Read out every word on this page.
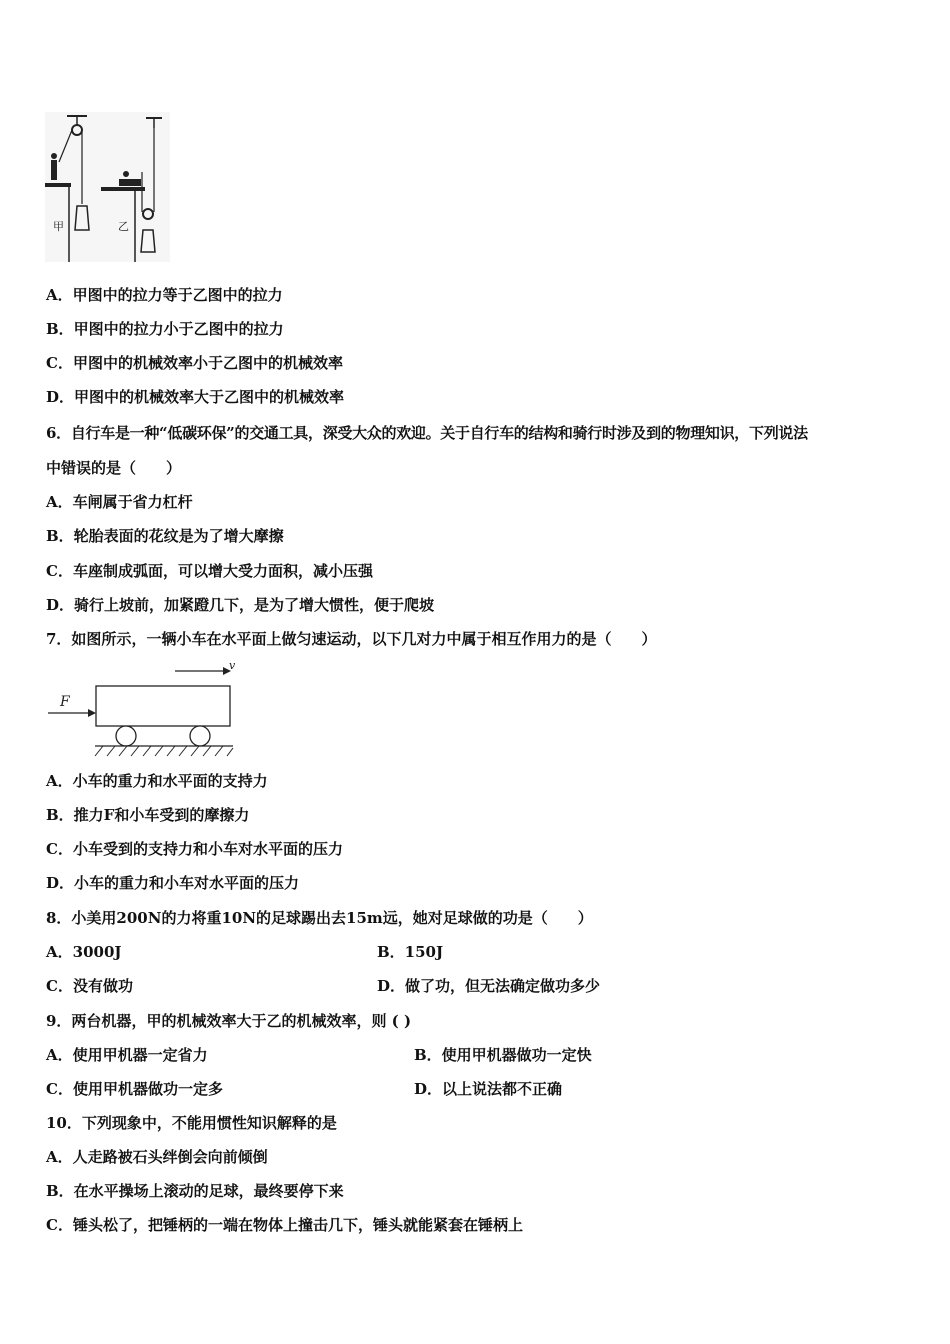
甲	乙
A．甲图中的拉力等于乙图中的拉力
B．甲图中的拉力小于乙图中的拉力
C．甲图中的机械效率小于乙图中的机械效率
D．甲图中的机械效率大于乙图中的机械效率
6．自行车是一种“低碳环保”的交通工具，深受大众的欢迎。关于自行车的结构和骑行时涉及到的物理知识，下列说法
中错误的是（　　）
A．车闸属于省力杠杆
B．轮胎表面的花纹是为了增大摩擦
C．车座制成弧面，可以增大受力面积，减小压强
D．骑行上坡前，加紧蹬几下，是为了增大惯性，便于爬坡
7．如图所示，一辆小车在水平面上做匀速运动，以下几对力中属于相互作用力的是（　　）
v
F
A．小车的重力和水平面的支持力
B．推力F和小车受到的摩擦力
C．小车受到的支持力和小车对水平面的压力
D．小车的重力和小车对水平面的压力
8．小美用200N的力将重10N的足球踢出去15m远，她对足球做的功是（　　）
A．3000J	B．150J
C．没有做功	D．做了功，但无法确定做功多少
9．两台机器，甲的机械效率大于乙的机械效率，则 ( )
A．使用甲机器一定省力	B．使用甲机器做功一定快
C．使用甲机器做功一定多	D．以上说法都不正确
10．下列现象中，不能用惯性知识解释的是
A．人走路被石头绊倒会向前倾倒
B．在水平操场上滚动的足球，最终要停下来
C．锤头松了，把锤柄的一端在物体上撞击几下，锤头就能紧套在锤柄上
